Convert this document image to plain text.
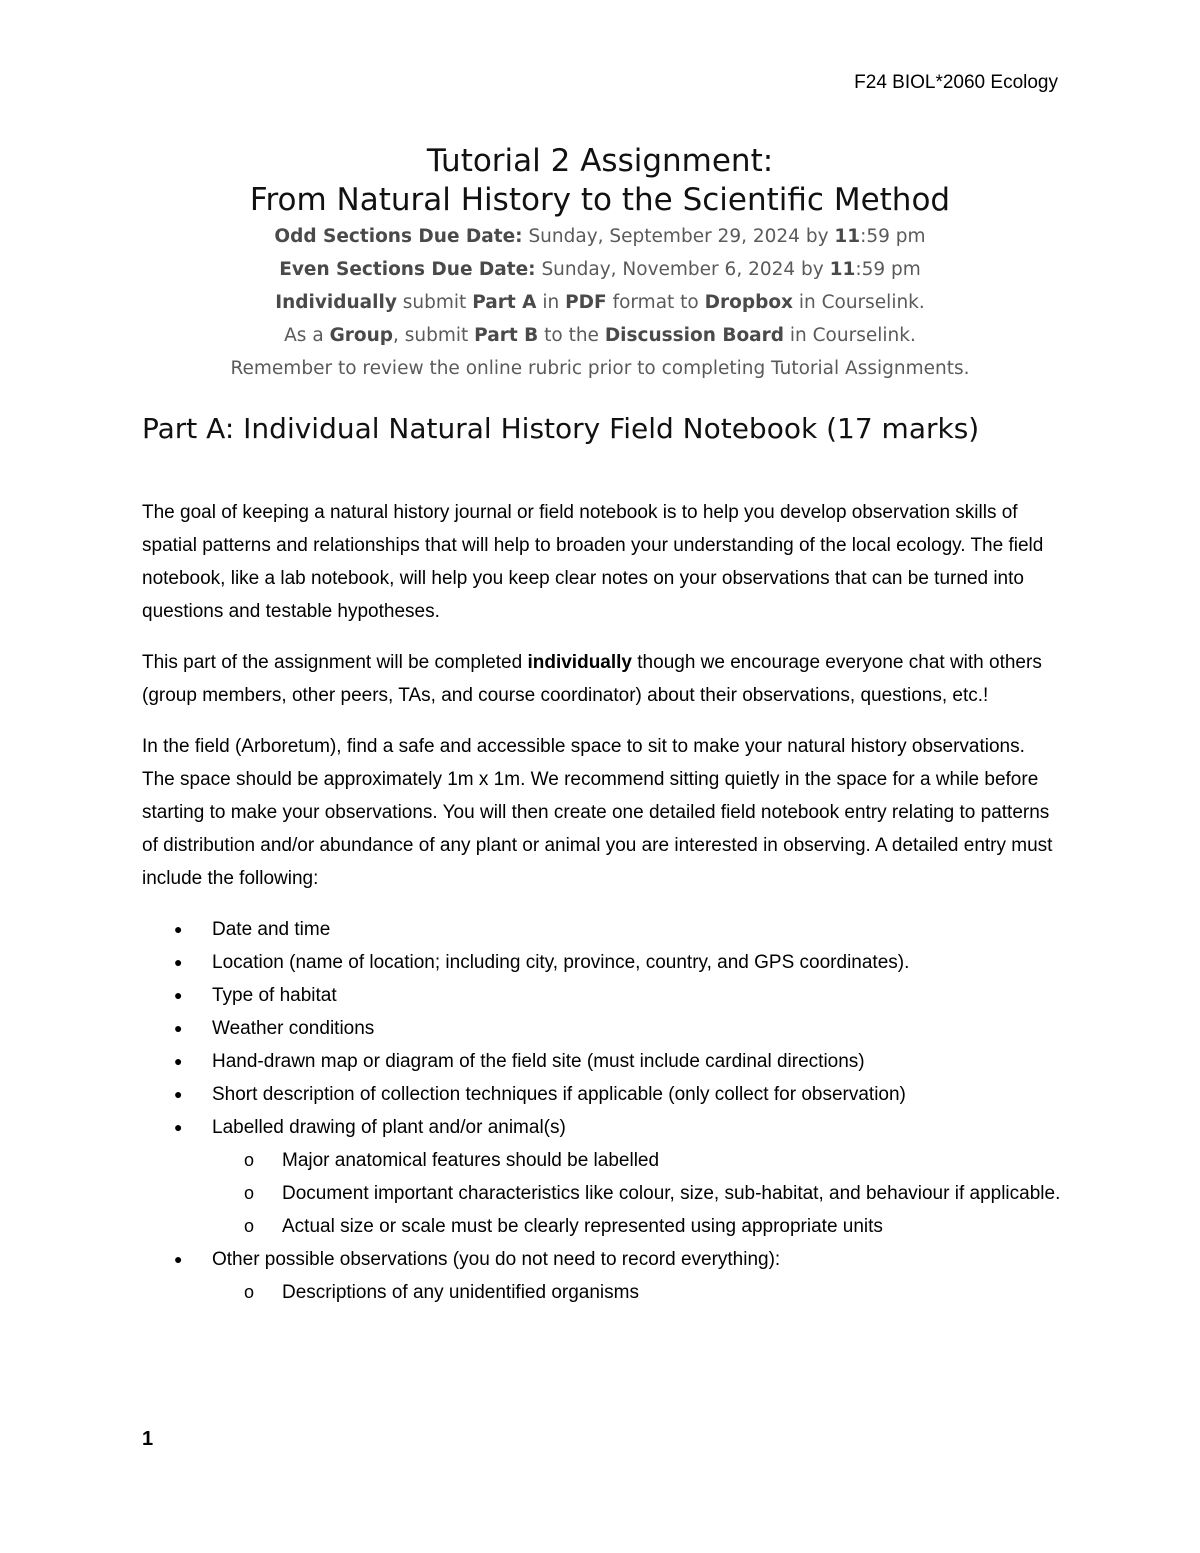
F24 BIOL*2060 Ecology
Tutorial 2 Assignment:
From Natural History to the Scientific Method
Odd Sections Due Date: Sunday, September 29, 2024 by 11:59 pm
Even Sections Due Date: Sunday, November 6, 2024 by 11:59 pm
Individually submit Part A in PDF format to Dropbox in Courselink.
As a Group, submit Part B to the Discussion Board in Courselink.
Remember to review the online rubric prior to completing Tutorial Assignments.
Part A: Individual Natural History Field Notebook (17 marks)

The goal of keeping a natural history journal or field notebook is to help you develop observation skills of spatial patterns and relationships that will help to broaden your understanding of the local ecology. The field notebook, like a lab notebook, will help you keep clear notes on your observations that can be turned into questions and testable hypotheses.

This part of the assignment will be completed individually though we encourage everyone chat with others (group members, other peers, TAs, and course coordinator) about their observations, questions, etc.!

In the field (Arboretum), find a safe and accessible space to sit to make your natural history observations. The space should be approximately 1m x 1m. We recommend sitting quietly in the space for a while before starting to make your observations. You will then create one detailed field notebook entry relating to patterns of distribution and/or abundance of any plant or animal you are interested in observing. A detailed entry must include the following:

● Date and time
● Location (name of location; including city, province, country, and GPS coordinates).
● Type of habitat
● Weather conditions
● Hand-drawn map or diagram of the field site (must include cardinal directions)
● Short description of collection techniques if applicable (only collect for observation)
● Labelled drawing of plant and/or animal(s)
o Major anatomical features should be labelled
o Document important characteristics like colour, size, sub-habitat, and behaviour if applicable.
o Actual size or scale must be clearly represented using appropriate units
● Other possible observations (you do not need to record everything):
o Descriptions of any unidentified organisms
1
